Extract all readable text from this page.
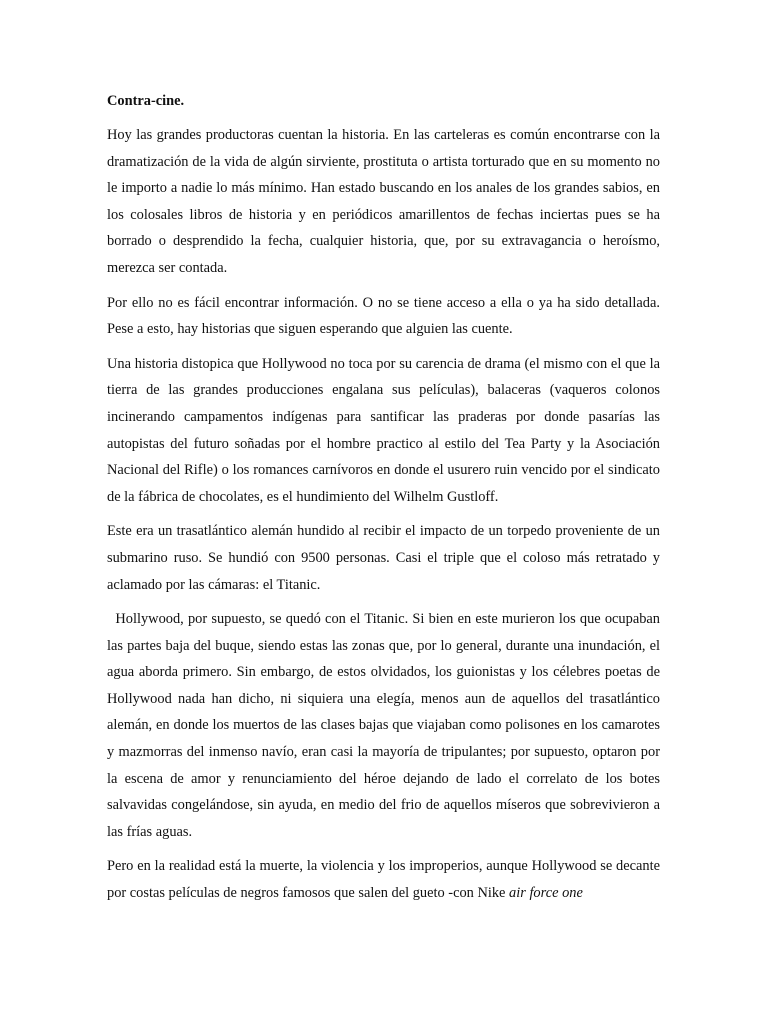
Contra-cine.

Hoy las grandes productoras cuentan la historia. En las carteleras es común encontrarse con la dramatización de la vida de algún sirviente, prostituta o artista torturado que en su momento no le importo a nadie lo más mínimo. Han estado buscando en los anales de los grandes sabios, en los colosales libros de historia y en periódicos amarillentos de fechas inciertas pues se ha borrado o desprendido la fecha, cualquier historia, que, por su extravagancia o heroísmo, merezca ser contada.

Por ello no es fácil encontrar información. O no se tiene acceso a ella o ya ha sido detallada. Pese a esto, hay historias que siguen esperando que alguien las cuente.

Una historia distopica que Hollywood no toca por su carencia de drama (el mismo con el que la tierra de las grandes producciones engalana sus películas), balaceras (vaqueros colonos incinerando campamentos indígenas para santificar las praderas por donde pasarías las autopistas del futuro soñadas por el hombre practico al estilo del Tea Party y la Asociación Nacional del Rifle) o los romances carnívoros en donde el usurero ruin vencido por el sindicato de la fábrica de chocolates, es el hundimiento del Wilhelm Gustloff.

Este era un trasatlántico alemán hundido al recibir el impacto de un torpedo proveniente de un submarino ruso. Se hundió con 9500 personas. Casi el triple que el coloso más retratado y aclamado por las cámaras: el Titanic.

Hollywood, por supuesto, se quedó con el Titanic. Si bien en este murieron los que ocupaban las partes baja del buque, siendo estas las zonas que, por lo general, durante una inundación, el agua aborda primero. Sin embargo, de estos olvidados, los guionistas y los célebres poetas de Hollywood nada han dicho, ni siquiera una elegía, menos aun de aquellos del trasatlántico alemán, en donde los muertos de las clases bajas que viajaban como polisones en los camarotes y mazmorras del inmenso navío, eran casi la mayoría de tripulantes; por supuesto, optaron por la escena de amor y renunciamiento del héroe dejando de lado el correlato de los botes salvavidas congelándose, sin ayuda, en medio del frio de aquellos míseros que sobrevivieron a las frías aguas.

Pero en la realidad está la muerte, la violencia y los improperios, aunque Hollywood se decante por costas películas de negros famosos que salen del gueto -con Nike air force one
